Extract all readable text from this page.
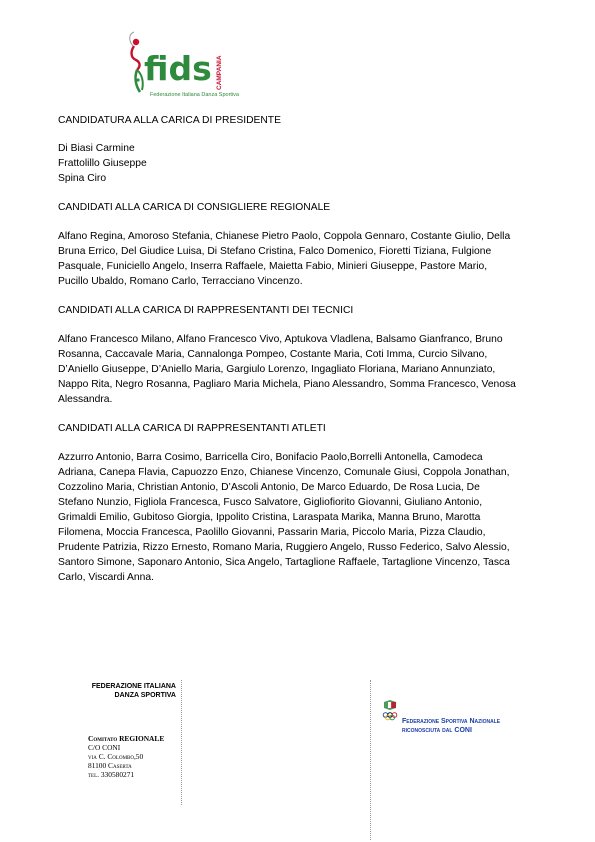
fids CAMPANIA
Federazione Italiana Danza Sportiva

CANDIDATURA ALLA CARICA DI PRESIDENTE

Di Biasi Carmine

Frattolillo Giuseppe

Spina Ciro

CANDIDATI ALLA CARICA DI CONSIGLIERE REGIONALE

Alfano Regina, Amoroso Stefania, Chianese Pietro Paolo, Coppola Gennaro, Costante Giulio, Della

Bruna Errico, Del Giudice Luisa, Di Stefano Cristina, Falco Domenico, Fioretti Tiziana, Fulgione

Pasquale, Funiciello Angelo, Inserra Raffaele, Maietta Fabio, Minieri Giuseppe, Pastore Mario,

Pucillo Ubaldo, Romano Carlo, Terracciano Vincenzo.

CANDIDATI ALLA CARICA DI RAPPRESENTANTI DEI TECNICI

Alfano Francesco Milano, Alfano Francesco Vivo, Aptukova Vladlena, Balsamo Gianfranco, Bruno

Rosanna, Caccavale Maria, Cannalonga Pompeo, Costante Maria, Coti Imma, Curcio Silvano,

D’Aniello Giuseppe, D’Aniello Maria, Gargiulo Lorenzo, Ingagliato Floriana, Mariano Annunziato,

Nappo Rita, Negro Rosanna, Pagliaro Maria Michela, Piano Alessandro, Somma Francesco, Venosa

Alessandra.

CANDIDATI ALLA CARICA DI RAPPRESENTANTI ATLETI

Azzurro Antonio, Barra Cosimo, Barricella Ciro, Bonifacio Paolo,Borrelli Antonella, Camodeca

Adriana, Canepa Flavia, Capuozzo Enzo, Chianese Vincenzo, Comunale Giusi, Coppola Jonathan,

Cozzolino Maria, Christian Antonio, D’Ascoli Antonio, De Marco Eduardo, De Rosa Lucia, De

Stefano Nunzio, Figliola Francesca, Fusco Salvatore, Gigliofiorito Giovanni, Giuliano Antonio,

Grimaldi Emilio, Gubitoso Giorgia, Ippolito Cristina, Laraspata Marika, Manna Bruno, Marotta

Filomena, Moccia Francesca, Paolillo Giovanni, Passarin Maria, Piccolo Maria, Pizza Claudio,

Prudente Patrizia, Rizzo Ernesto, Romano Maria, Ruggiero Angelo, Russo Federico, Salvo Alessio,

Santoro Simone, Saponaro Antonio, Sica Angelo, Tartaglione Raffaele, Tartaglione Vincenzo, Tasca

Carlo, Viscardi Anna.

FEDERAZIONE ITALIANA
DANZA SPORTIVA
Comitato REGIONALE
C/O CONI
via C. Colombo,50
81100 Caserta
tel. 330580271
Federazione Sportiva Nazionale
riconosciuta dal CONI
